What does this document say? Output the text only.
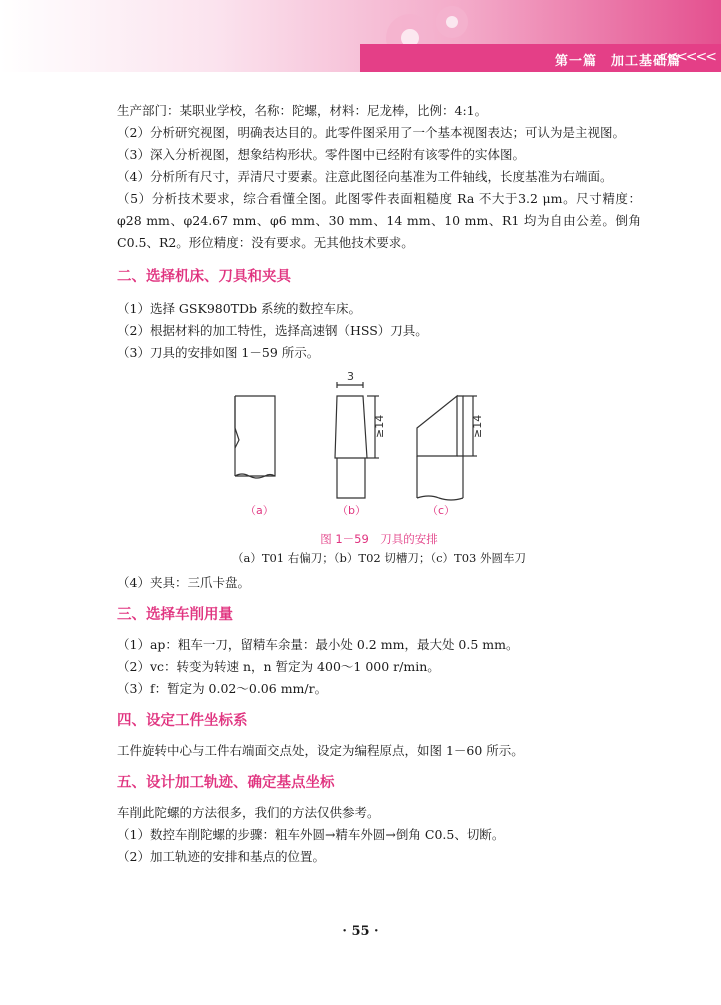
第一篇　加工基础篇
<<<<<<

生产部门：某职业学校，名称：陀螺，材料：尼龙棒，比例：4:1。

（2）分析研究视图，明确表达目的。此零件图采用了一个基本视图表达；可认为是主视图。

（3）深入分析视图，想象结构形状。零件图中已经附有该零件的实体图。

（4）分析所有尺寸，弄清尺寸要素。注意此图径向基准为工件轴线，长度基准为右端面。

（5）分析技术要求，综合看懂全图。此图零件表面粗糙度 Ra 不大于3.2 μm。尺寸精度：φ28 mm、φ24.67 mm、φ6 mm、30 mm、14 mm、10 mm、R1 均为自由公差。倒角 C0.5、R2。形位精度：没有要求。无其他技术要求。

二、选择机床、刀具和夹具

（1）选择 GSK980TDb 系统的数控车床。

（2）根据材料的加工特性，选择高速钢（HSS）刀具。

（3）刀具的安排如图 1－59 所示。

3
≥14	≥14
（a）	（b）	（c）

图 1－59　刀具的安排

（a）T01 右偏刀；（b）T02 切槽刀；（c）T03 外圆车刀

（4）夹具：三爪卡盘。

三、选择车削用量

（1）ap：粗车一刀，留精车余量：最小处 0.2 mm，最大处 0.5 mm。

（2）vc：转变为转速 n，n 暂定为 400～1 000 r/min。

（3）f：暂定为 0.02～0.06 mm/r。

四、设定工件坐标系

工件旋转中心与工件右端面交点处，设定为编程原点，如图 1－60 所示。

五、设计加工轨迹、确定基点坐标

车削此陀螺的方法很多，我们的方法仅供参考。

（1）数控车削陀螺的步骤：粗车外圆→精车外圆→倒角 C0.5、切断。

（2）加工轨迹的安排和基点的位置。

· 55 ·
